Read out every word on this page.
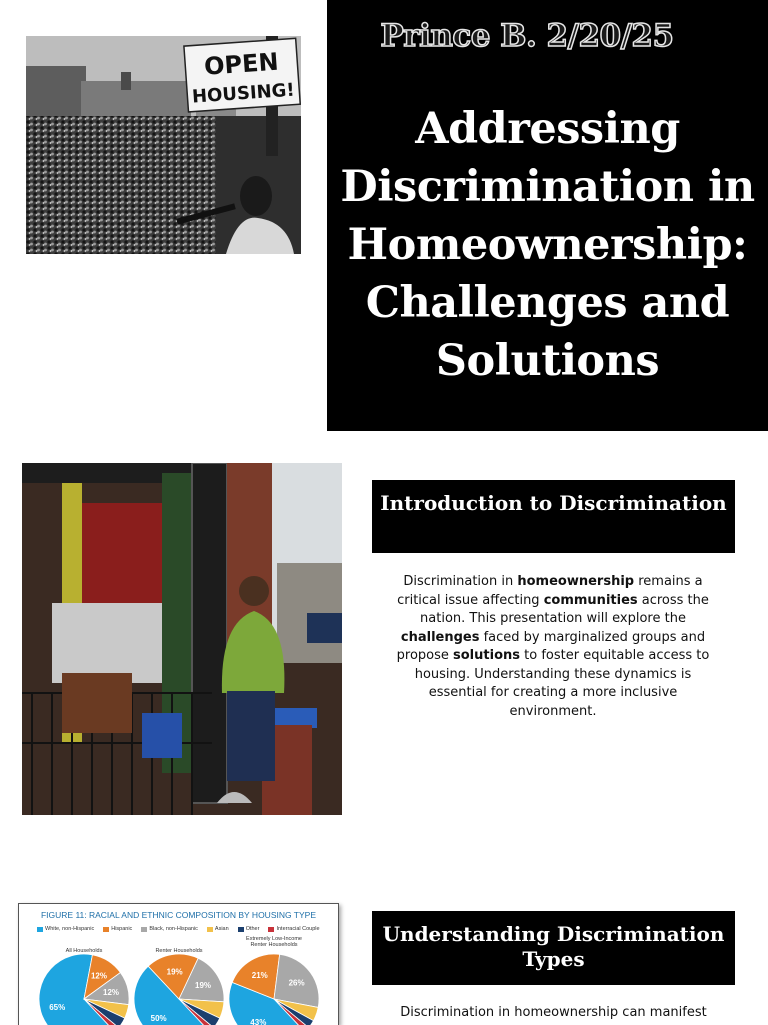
Prince B. 2/20/25
Addressing Discrimination in Homeownership: Challenges and Solutions
OPEN
HOUSING!
FIGURE 11: RACIAL AND ETHNIC COMPOSITION BY HOUSING TYPE
White, non-Hispanic	Hispanic	Black, non-Hispanic	Asian	Other	Interracial Couple
All Households
65%
12%
12%
Renter Households
50%
19%
19%
Extremely Low-Income
Renter Households
43%
21%
26%
Introduction to Discrimination

Discrimination in homeownership remains a critical issue affecting communities across the nation. This presentation will explore the challenges faced by marginalized groups and propose solutions to foster equitable access to housing. Understanding these dynamics is essential for creating a more inclusive environment.

Understanding Discrimination Types

Discrimination in homeownership can manifest
